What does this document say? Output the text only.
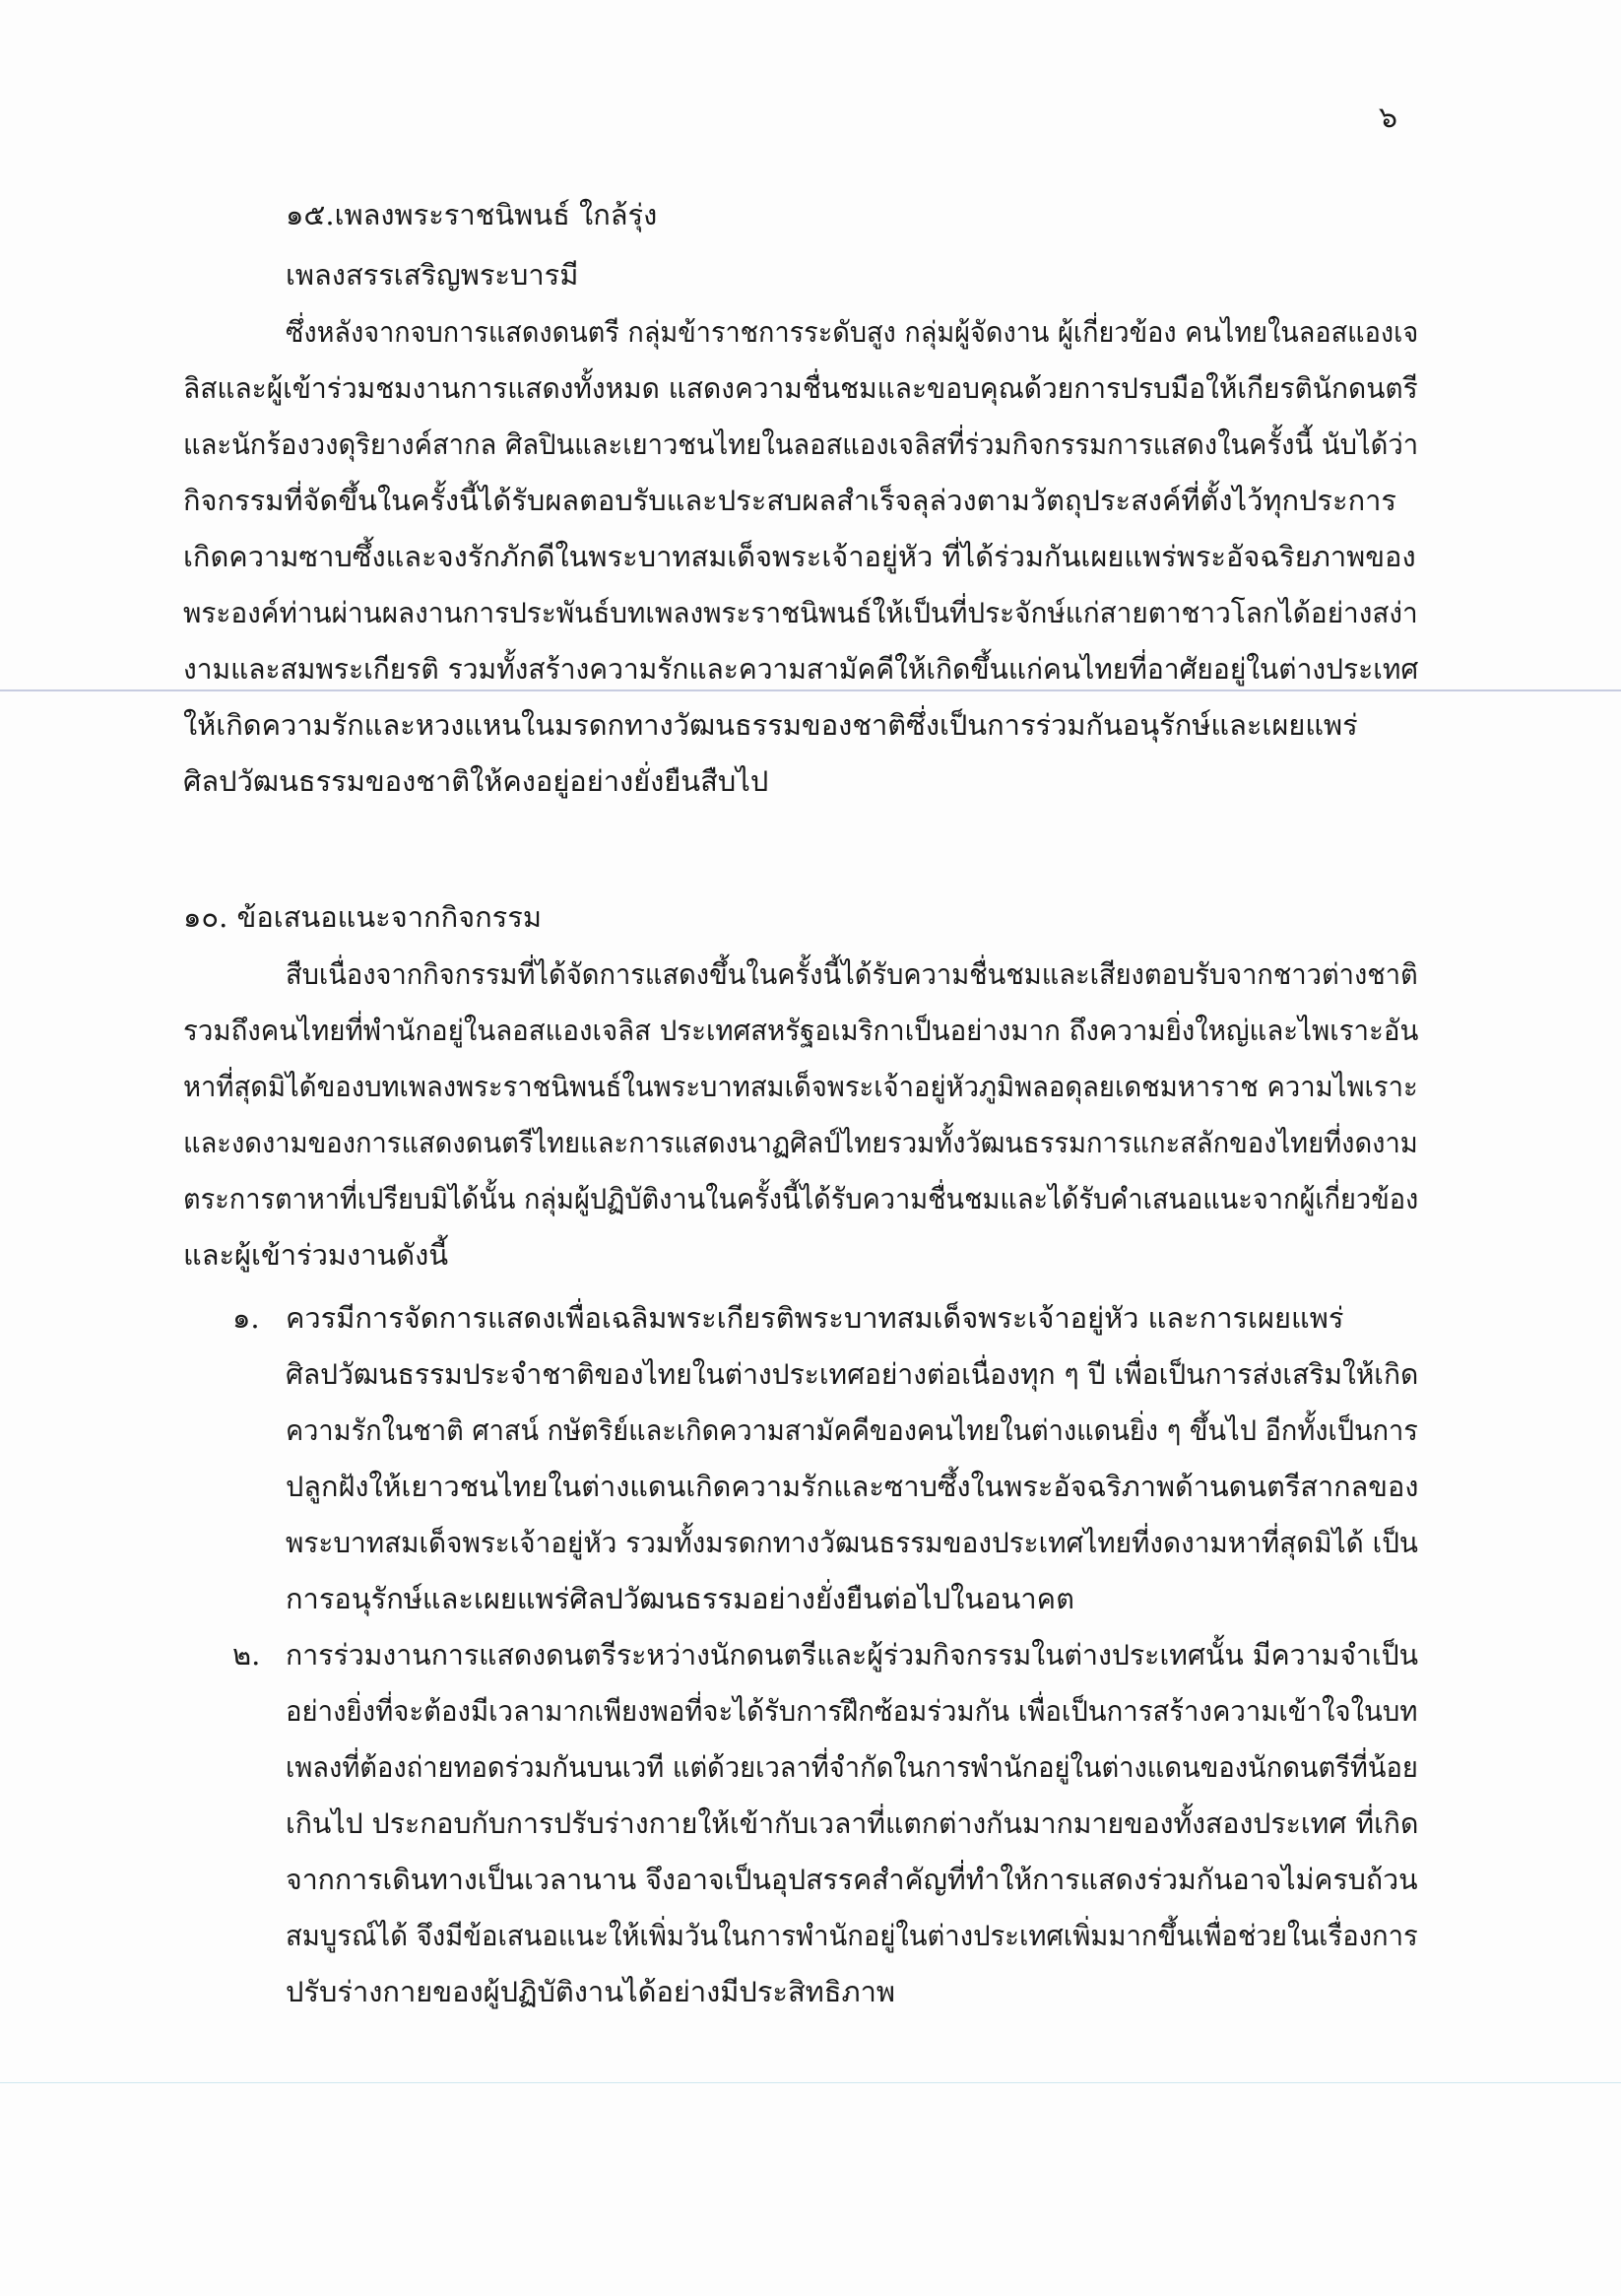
๖
๑๕.เพลงพระราชนิพนธ์ ใกล้รุ่ง
เพลงสรรเสริญพระบารมี
ซึ่งหลังจากจบการแสดงดนตรี กลุ่มข้าราชการระดับสูง กลุ่มผู้จัดงาน ผู้เกี่ยวข้อง คนไทยในลอสแองเจ
ลิสและผู้เข้าร่วมชมงานการแสดงทั้งหมด แสดงความชื่นชมและขอบคุณด้วยการปรบมือให้เกียรตินักดนตรี
และนักร้องวงดุริยางค์สากล ศิลปินและเยาวชนไทยในลอสแองเจลิสที่ร่วมกิจกรรมการแสดงในครั้งนี้ นับได้ว่า
กิจกรรมที่จัดขึ้นในครั้งนี้ได้รับผลตอบรับและประสบผลสำเร็จลุล่วงตามวัตถุประสงค์ที่ตั้งไว้ทุกประการ
เกิดความซาบซึ้งและจงรักภักดีในพระบาทสมเด็จพระเจ้าอยู่หัว ที่ได้ร่วมกันเผยแพร่พระอัจฉริยภาพของ
พระองค์ท่านผ่านผลงานการประพันธ์บทเพลงพระราชนิพนธ์ให้เป็นที่ประจักษ์แก่สายตาชาวโลกได้อย่างสง่า
งามและสมพระเกียรติ รวมทั้งสร้างความรักและความสามัคคีให้เกิดขึ้นแก่คนไทยที่อาศัยอยู่ในต่างประเทศ
ให้เกิดความรักและหวงแหนในมรดกทางวัฒนธรรมของชาติซึ่งเป็นการร่วมกันอนุรักษ์และเผยแพร่
ศิลปวัฒนธรรมของชาติให้คงอยู่อย่างยั่งยืนสืบไป
๑๐. ข้อเสนอแนะจากกิจกรรม
สืบเนื่องจากกิจกรรมที่ได้จัดการแสดงขึ้นในครั้งนี้ได้รับความชื่นชมและเสียงตอบรับจากชาวต่างชาติ
รวมถึงคนไทยที่พำนักอยู่ในลอสแองเจลิส ประเทศสหรัฐอเมริกาเป็นอย่างมาก ถึงความยิ่งใหญ่และไพเราะอัน
หาที่สุดมิได้ของบทเพลงพระราชนิพนธ์ในพระบาทสมเด็จพระเจ้าอยู่หัวภูมิพลอดุลยเดชมหาราช ความไพเราะ
และงดงามของการแสดงดนตรีไทยและการแสดงนาฏศิลป์ไทยรวมทั้งวัฒนธรรมการแกะสลักของไทยที่งดงาม
ตระการตาหาที่เปรียบมิได้นั้น กลุ่มผู้ปฏิบัติงานในครั้งนี้ได้รับความชื่นชมและได้รับคำเสนอแนะจากผู้เกี่ยวข้อง
และผู้เข้าร่วมงานดังนี้
๑. ควรมีการจัดการแสดงเพื่อเฉลิมพระเกียรติพระบาทสมเด็จพระเจ้าอยู่หัว และการเผยแพร่
ศิลปวัฒนธรรมประจำชาติของไทยในต่างประเทศอย่างต่อเนื่องทุก ๆ ปี เพื่อเป็นการส่งเสริมให้เกิด
ความรักในชาติ ศาสน์ กษัตริย์และเกิดความสามัคคีของคนไทยในต่างแดนยิ่ง ๆ ขึ้นไป อีกทั้งเป็นการ
ปลูกฝังให้เยาวชนไทยในต่างแดนเกิดความรักและซาบซึ้งในพระอัจฉริภาพด้านดนตรีสากลของ
พระบาทสมเด็จพระเจ้าอยู่หัว รวมทั้งมรดกทางวัฒนธรรมของประเทศไทยที่งดงามหาที่สุดมิได้ เป็น
การอนุรักษ์และเผยแพร่ศิลปวัฒนธรรมอย่างยั่งยืนต่อไปในอนาคต
๒. การร่วมงานการแสดงดนตรีระหว่างนักดนตรีและผู้ร่วมกิจกรรมในต่างประเทศนั้น มีความจำเป็น
อย่างยิ่งที่จะต้องมีเวลามากเพียงพอที่จะได้รับการฝึกซ้อมร่วมกัน เพื่อเป็นการสร้างความเข้าใจในบท
เพลงที่ต้องถ่ายทอดร่วมกันบนเวที แต่ด้วยเวลาที่จำกัดในการพำนักอยู่ในต่างแดนของนักดนตรีที่น้อย
เกินไป ประกอบกับการปรับร่างกายให้เข้ากับเวลาที่แตกต่างกันมากมายของทั้งสองประเทศ ที่เกิด
จากการเดินทางเป็นเวลานาน จึงอาจเป็นอุปสรรคสำคัญที่ทำให้การแสดงร่วมกันอาจไม่ครบถ้วน
สมบูรณ์ได้ จึงมีข้อเสนอแนะให้เพิ่มวันในการพำนักอยู่ในต่างประเทศเพิ่มมากขึ้นเพื่อช่วยในเรื่องการ
ปรับร่างกายของผู้ปฏิบัติงานได้อย่างมีประสิทธิภาพ
